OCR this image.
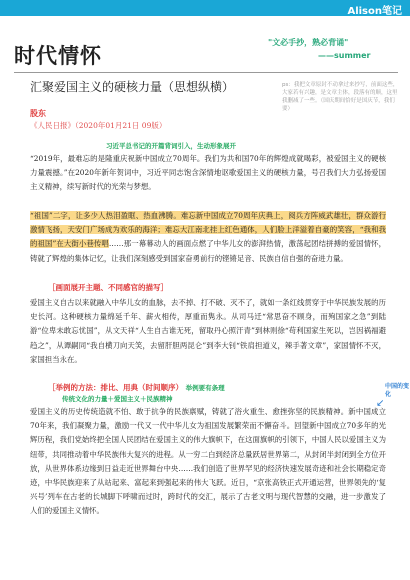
Alison笔记
时代情怀
"文必手抄，熟必背诵"
——summer
汇聚爱国主义的硬核力量（思想纵横）	ps：我把文章原封不动拿过来抄写，前面这些，大家若有兴趣，是文章主体，段落有的顺，这里我删减了一些。（国庆期间恰好是国庆节，我们要）
股东
《人民日报》（2020年01月21日 09版）
习近平总书记的开篇背词引入，生动形象展开
“2019年，最难忘的是隆重庆祝新中国成立70周年。我们为共和国70年的辉煌成就喝彩，被爱国主义的硬核力量震撼。”在2020年新年贺词中，习近平同志饱含深情地讴歌爱国主义的硬核力量，号召我们大力弘扬爱国主义精神，续写新时代的光荣与梦想。
“祖国”二字，让多少人热泪盈眶、热血沸腾。难忘新中国成立70周年庆典上，阅兵方阵威武雄壮，群众游行激情飞扬，天安门广场成为欢乐的海洋；难忘大江南北挂上红色通体，人们脸上洋溢着自豪的笑容，“我和我的祖国”在大街小巷传唱……那一幕幕动人的画面点燃了中华儿女的澎湃热情，激荡起团结拼搏的爱国情怀，铸就了辉煌的集体记忆，让我们深刻感受到国家奋勇前行的铿锵足音、民族自信自强的奋进力量。
［画面展开主题、不同感官的描写］
爱国主义自古以来就融入中华儿女的血脉，去不掉、打不破、灭不了，就如一条红线贯穿于中华民族发展的历史长河。这种硬核力量绵延千年、薪火相传，厚重而隽永。从司马迁“常思奋不顾身，而殉国家之急”到陆游“位卑未敢忘忧国”，从文天祥“人生自古谁无死，留取丹心照汗青”到林则徐“苟利国家生死以，岂因祸福避趋之”，从谭嗣同“我自横刀向天笑，去留肝胆两昆仑”到李大钊“铁肩担道义，辣手著文章”，家国情怀不灭，家国担当永在。
［举例的方法：排比、用典（时间顺序） 举例要有条理
传统文化的力量＋爱国主义＋民族精神
爱国主义的历史传统造就不怕、敢于抗争的民族禀赋，铸就了浴火重生、愈挫弥坚的民族精神。新中国成立70年来，我们凝聚力量，激励一代又一代中华儿女为祖国发展繁荣而不懈奋斗。回望新中国成立70多年的光辉历程，我们党始终把全国人民团结在爱国主义的伟大旗帜下，在这面旗帜的引领下，中国人民以爱国主义为纽带，共同推动着中华民族伟大复兴的进程。从一穷二白到经济总量跃居世界第二，从封闭半封闭到全方位开放，从世界体系边缘到日益走近世界舞台中央……我们创造了世界罕见的经济快速发展奇迹和社会长期稳定奇迹，中华民族迎来了从站起来、富起来到强起来的伟大飞跃。近日，“京张高铁正式开通运营，世界领先的‘复兴号’列车在古老的长城脚下呼啸而过时，跨时代的交汇，展示了古老文明与现代智慧的交融，进一步激发了人们的爱国主义情怀。
中国的变化
↙
